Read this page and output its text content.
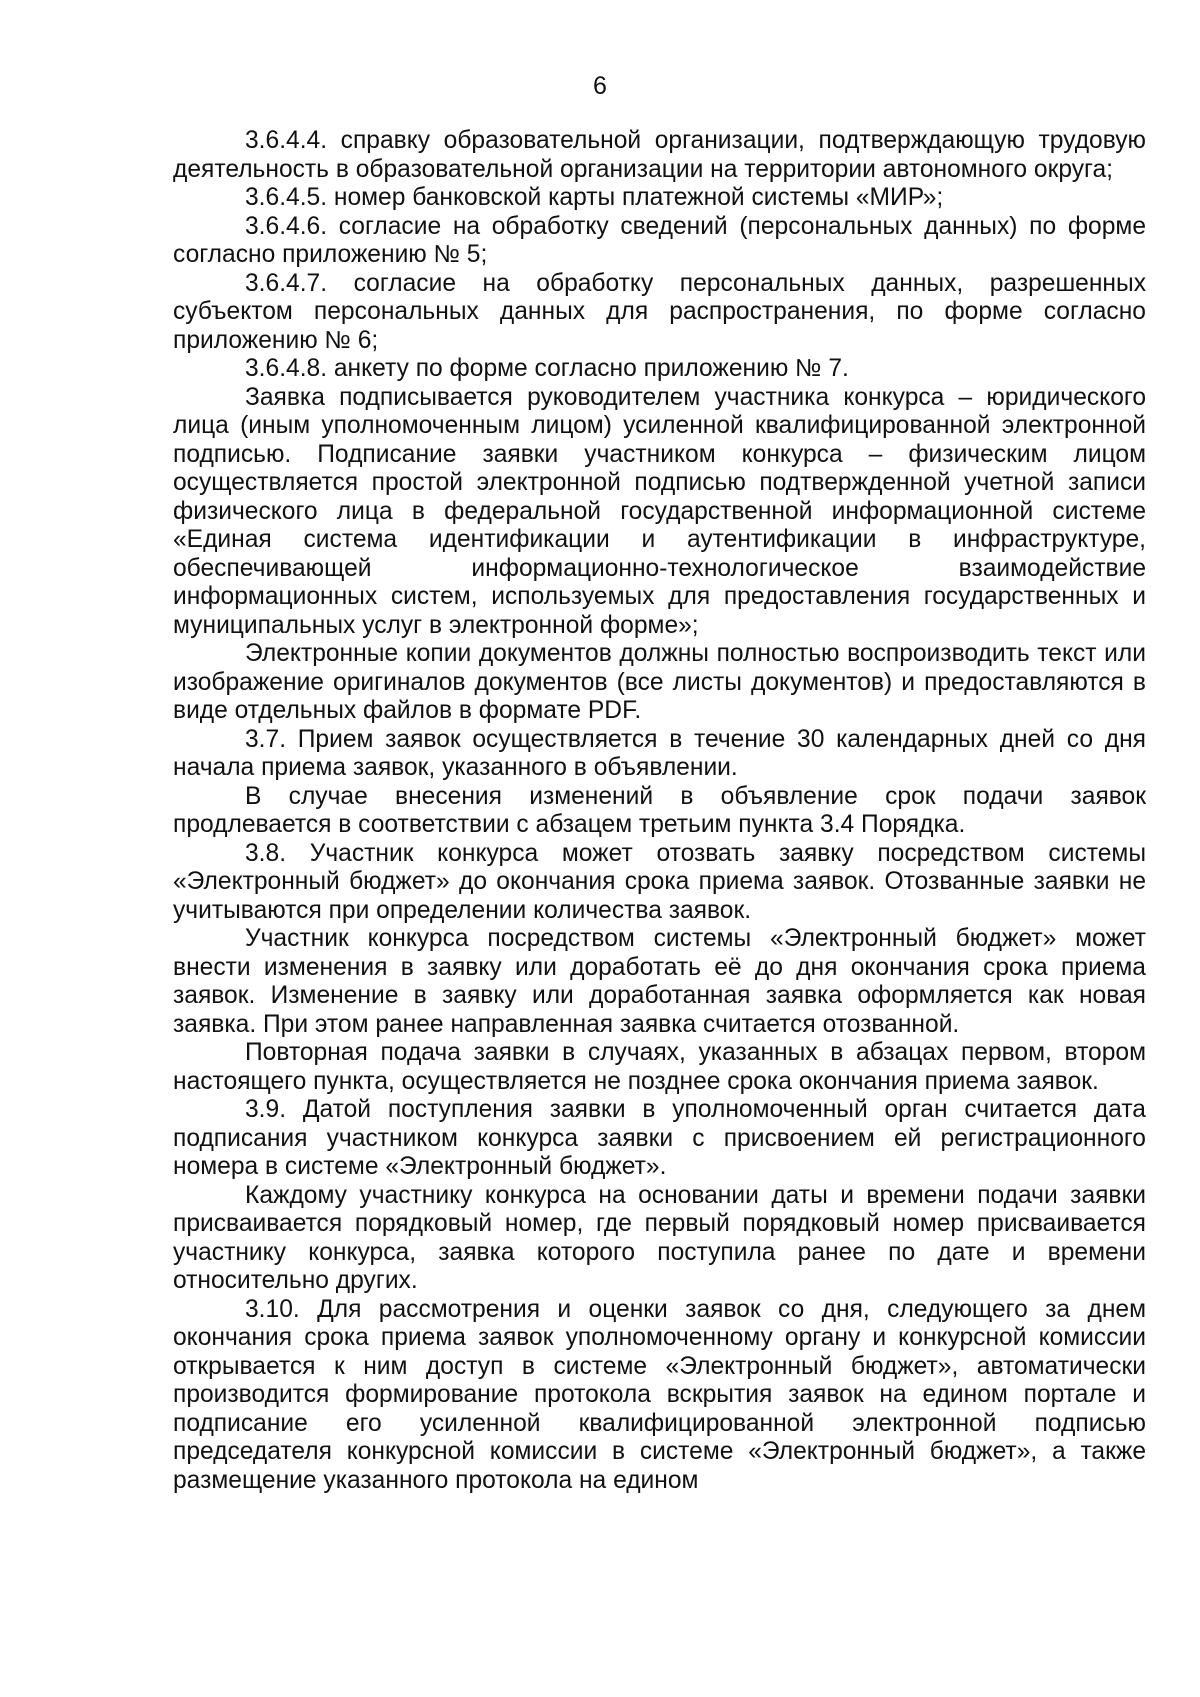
6

3.6.4.4. справку образовательной организации, подтверждающую трудовую деятельность в образовательной организации на территории автономного округа;

3.6.4.5. номер банковской карты платежной системы «МИР»;

3.6.4.6. согласие на обработку сведений (персональных данных) по форме согласно приложению № 5;

3.6.4.7. согласие на обработку персональных данных, разрешенных субъектом персональных данных для распространения, по форме согласно приложению № 6;

3.6.4.8. анкету по форме согласно приложению № 7.

Заявка подписывается руководителем участника конкурса – юридического лица (иным уполномоченным лицом) усиленной квалифицированной электронной подписью. Подписание заявки участником конкурса – физическим лицом осуществляется простой электронной подписью подтвержденной учетной записи физического лица в федеральной государственной информационной системе «Единая система идентификации и аутентификации в инфраструктуре, обеспечивающей информационно-технологическое взаимодействие информационных систем, используемых для предоставления государственных и муниципальных услуг в электронной форме»;

Электронные копии документов должны полностью воспроизводить текст или изображение оригиналов документов (все листы документов) и предоставляются в виде отдельных файлов в формате PDF.

3.7. Прием заявок осуществляется в течение 30 календарных дней со дня начала приема заявок, указанного в объявлении.

В случае внесения изменений в объявление срок подачи заявок продлевается в соответствии с абзацем третьим пункта 3.4 Порядка.

3.8. Участник конкурса может отозвать заявку посредством системы «Электронный бюджет» до окончания срока приема заявок. Отозванные заявки не учитываются при определении количества заявок.

Участник конкурса посредством системы «Электронный бюджет» может внести изменения в заявку или доработать её до дня окончания срока приема заявок. Изменение в заявку или доработанная заявка оформляется как новая заявка. При этом ранее направленная заявка считается отозванной.

Повторная подача заявки в случаях, указанных в абзацах первом, втором настоящего пункта, осуществляется не позднее срока окончания приема заявок.

3.9. Датой поступления заявки в уполномоченный орган считается дата подписания участником конкурса заявки с присвоением ей регистрационного номера в системе «Электронный бюджет».

Каждому участнику конкурса на основании даты и времени подачи заявки присваивается порядковый номер, где первый порядковый номер присваивается участнику конкурса, заявка которого поступила ранее по дате и времени относительно других.

3.10. Для рассмотрения и оценки заявок со дня, следующего за днем окончания срока приема заявок уполномоченному органу и конкурсной комиссии открывается к ним доступ в системе «Электронный бюджет», автоматически производится формирование протокола вскрытия заявок на едином портале и подписание его усиленной квалифицированной электронной подписью председателя конкурсной комиссии в системе «Электронный бюджет», а также размещение указанного протокола на едином
